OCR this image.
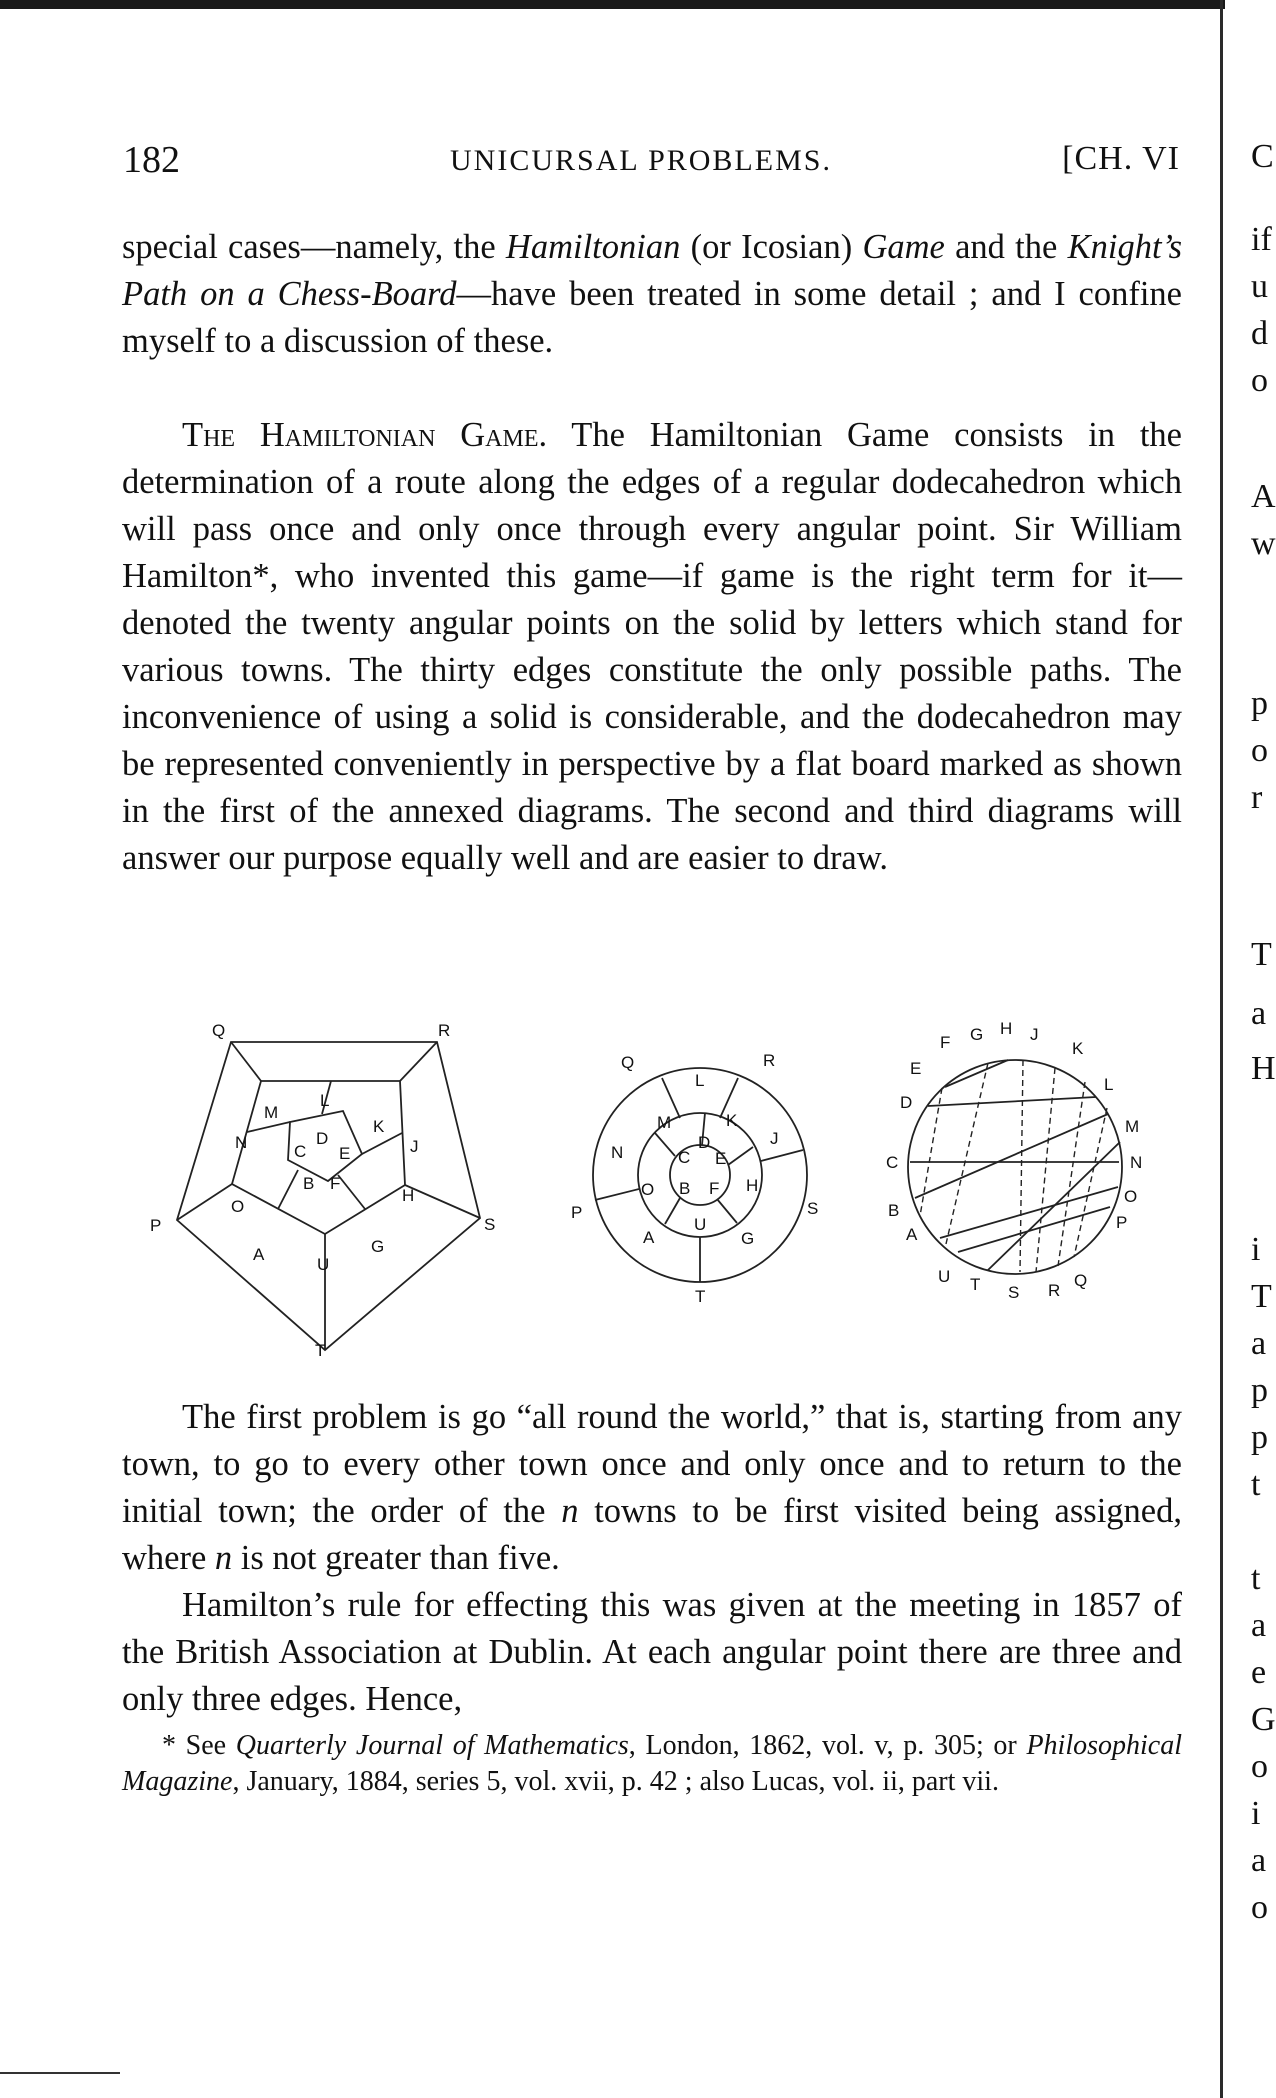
C
if
u
d
o
A
w
p
o
r
T
a
H
i
T
a
p
p
t
t
a
e
G
o
i
a
o
182	UNICURSAL PROBLEMS.	[CH. VI

special cases—namely, the Hamiltonian (or Icosian) Game and the Knight’s Path on a Chess-Board—have been treated in some detail ; and I confine myself to a discussion of these.

The Hamiltonian Game. The Hamiltonian Game consists in the determination of a route along the edges of a regular dodecahedron which will pass once and only once through every angular point. Sir William Hamilton*, who invented this game—if game is the right term for it—denoted the twenty angular points on the solid by letters which stand for various towns. The thirty edges constitute the only possible paths. The inconvenience of using a solid is considerable, and the dodecahedron may be represented conveniently in perspective by a flat board marked as shown in the first of the annexed diagrams. The second and third diagrams will answer our purpose equally well and are easier to draw.

Q	R
L
M
K
N	D
C E	J
B F
O
H
P	S
A	G
U
T
Q
L
R
M	K
N
D
C E
J
O B F H
P	S
A
U
G
T
F G H J
E
K
D
L
M
C	N
B
O
A
P
U T S R
Q

The first problem is go “all round the world,” that is, starting from any town, to go to every other town once and only once and to return to the initial town; the order of the n towns to be first visited being assigned, where n is not greater than five.

Hamilton’s rule for effecting this was given at the meeting in 1857 of the British Association at Dublin. At each angular point there are three and only three edges. Hence,

* See Quarterly Journal of Mathematics, London, 1862, vol. v, p. 305; or Philosophical Magazine, January, 1884, series 5, vol. xvii, p. 42 ; also Lucas, vol. ii, part vii.
